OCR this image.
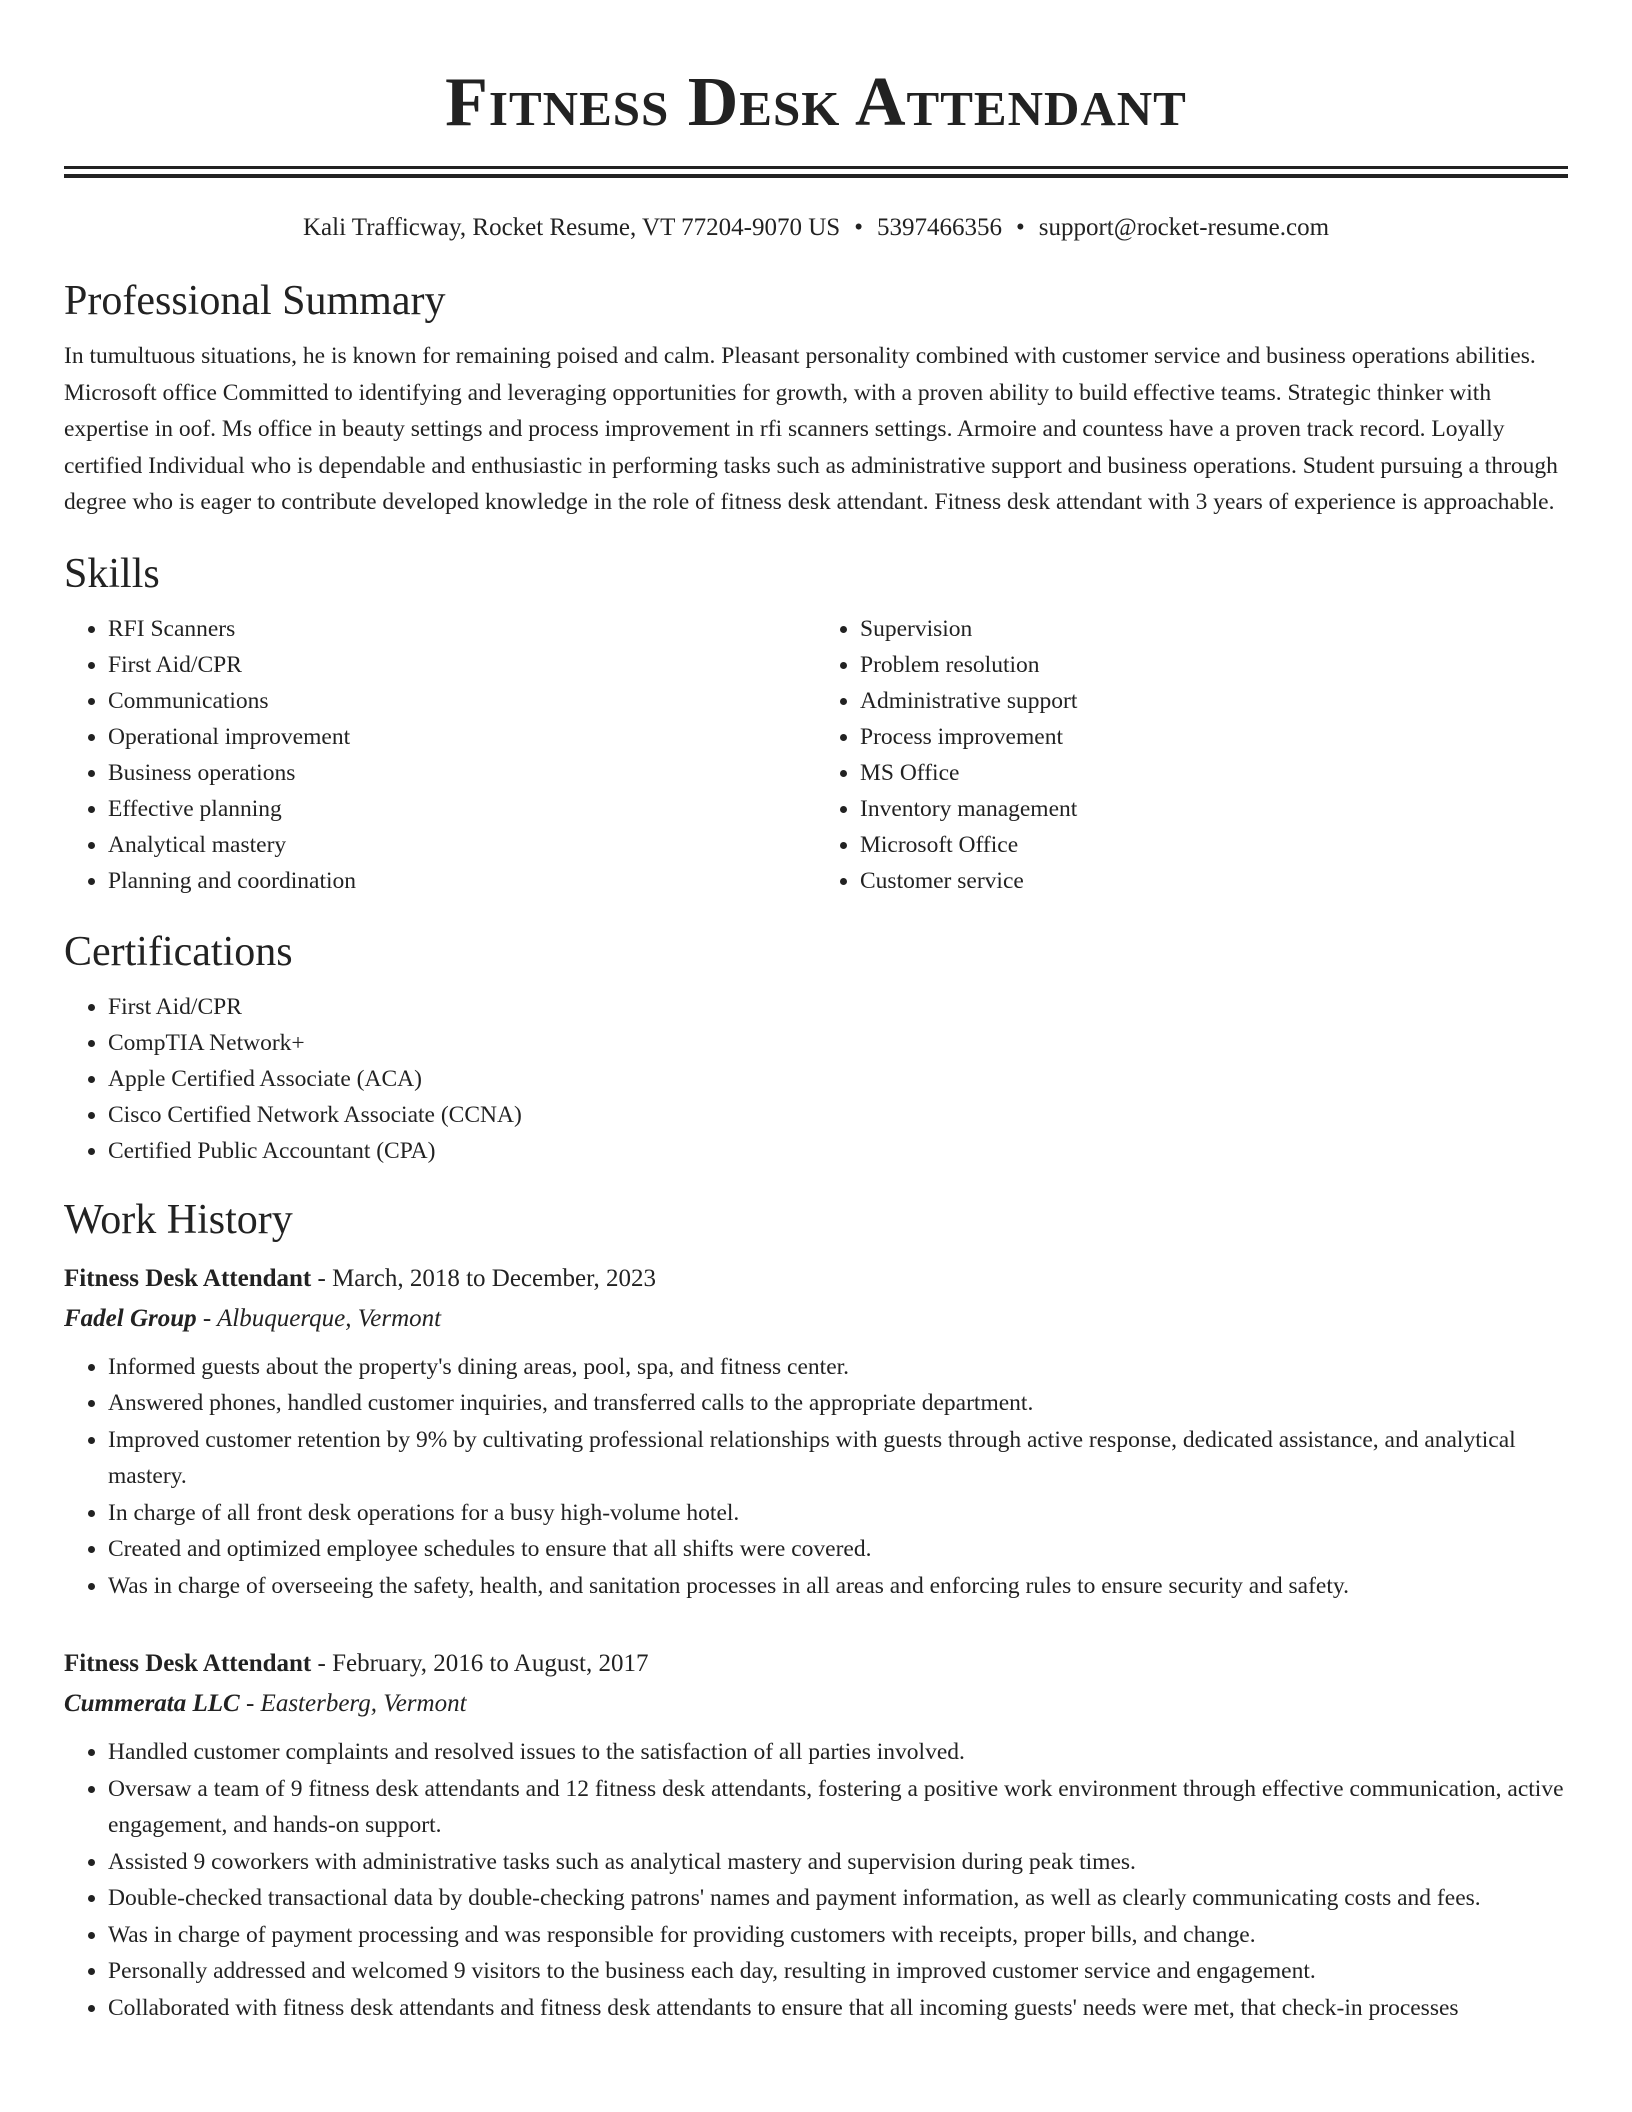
Fitness Desk Attendant
Kali Trafficway, Rocket Resume, VT 77204-9070 US • 5397466356 • support@rocket-resume.com
Professional Summary

In tumultuous situations, he is known for remaining poised and calm. Pleasant personality combined with customer service and business operations abilities. Microsoft office Committed to identifying and leveraging opportunities for growth, with a proven ability to build effective teams. Strategic thinker with expertise in oof. Ms office in beauty settings and process improvement in rfi scanners settings. Armoire and countess have a proven track record. Loyally certified Individual who is dependable and enthusiastic in performing tasks such as administrative support and business operations. Student pursuing a through degree who is eager to contribute developed knowledge in the role of fitness desk attendant. Fitness desk attendant with 3 years of experience is approachable.

Skills
• RFI Scanners
• First Aid/CPR
• Communications
• Operational improvement
• Business operations
• Effective planning
• Analytical mastery
• Planning and coordination
• Supervision
• Problem resolution
• Administrative support
• Process improvement
• MS Office
• Inventory management
• Microsoft Office
• Customer service
Certifications
• First Aid/CPR
• CompTIA Network+
• Apple Certified Associate (ACA)
• Cisco Certified Network Associate (CCNA)
• Certified Public Accountant (CPA)
Work History
Fitness Desk Attendant - March, 2018 to December, 2023
Fadel Group - Albuquerque, Vermont
• Informed guests about the property's dining areas, pool, spa, and fitness center.
• Answered phones, handled customer inquiries, and transferred calls to the appropriate department.
• Improved customer retention by 9% by cultivating professional relationships with guests through active response, dedicated assistance, and analytical mastery.
• In charge of all front desk operations for a busy high-volume hotel.
• Created and optimized employee schedules to ensure that all shifts were covered.
• Was in charge of overseeing the safety, health, and sanitation processes in all areas and enforcing rules to ensure security and safety.
Fitness Desk Attendant - February, 2016 to August, 2017
Cummerata LLC - Easterberg, Vermont
• Handled customer complaints and resolved issues to the satisfaction of all parties involved.
• Oversaw a team of 9 fitness desk attendants and 12 fitness desk attendants, fostering a positive work environment through effective communication, active engagement, and hands-on support.
• Assisted 9 coworkers with administrative tasks such as analytical mastery and supervision during peak times.
• Double-checked transactional data by double-checking patrons' names and payment information, as well as clearly communicating costs and fees.
• Was in charge of payment processing and was responsible for providing customers with receipts, proper bills, and change.
• Personally addressed and welcomed 9 visitors to the business each day, resulting in improved customer service and engagement.
• Collaborated with fitness desk attendants and fitness desk attendants to ensure that all incoming guests' needs were met, that check-in processes
